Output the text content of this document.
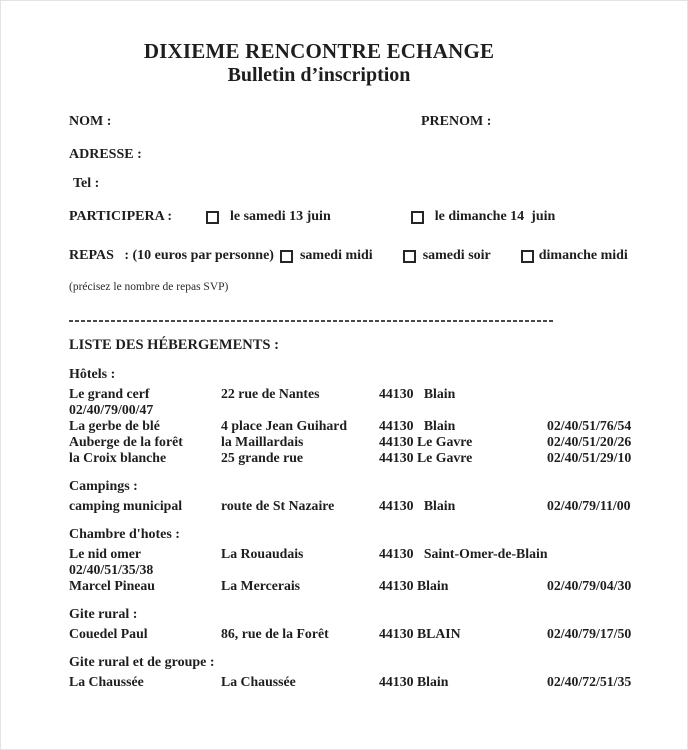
DIXIEME RENCONTRE ECHANGE
Bulletin d’inscription
NOM :	PRENOM :
ADRESSE :
Tel :
PARTICIPERA :	le samedi 13 juin	le dimanche 14  juin
REPAS   : (10 euros par personne) samedi midi	samedi soir	dimanche midi
(précisez le nombre de repas SVP)
LISTE DES HÉBERGEMENTS :
Hôtels :
Le grand cerf	22 rue de Nantes	44130   Blain
02/40/79/00/47
La gerbe de blé	4 place Jean Guihard	44130   Blain	02/40/51/76/54
Auberge de la forêt	la Maillardais	44130 Le Gavre	02/40/51/20/26
la Croix blanche	25 grande rue	44130 Le Gavre	02/40/51/29/10
Campings :
camping municipal	route de St Nazaire	44130   Blain	02/40/79/11/00
Chambre d'hotes :
Le nid omer	La Rouaudais	44130   Saint-Omer-de-Blain
02/40/51/35/38
Marcel Pineau	La Mercerais	44130 Blain	02/40/79/04/30
Gite rural :
Couedel Paul	86, rue de la Forêt	44130 BLAIN	02/40/79/17/50
Gite rural et de groupe :
La Chaussée	La Chaussée	44130 Blain	02/40/72/51/35
